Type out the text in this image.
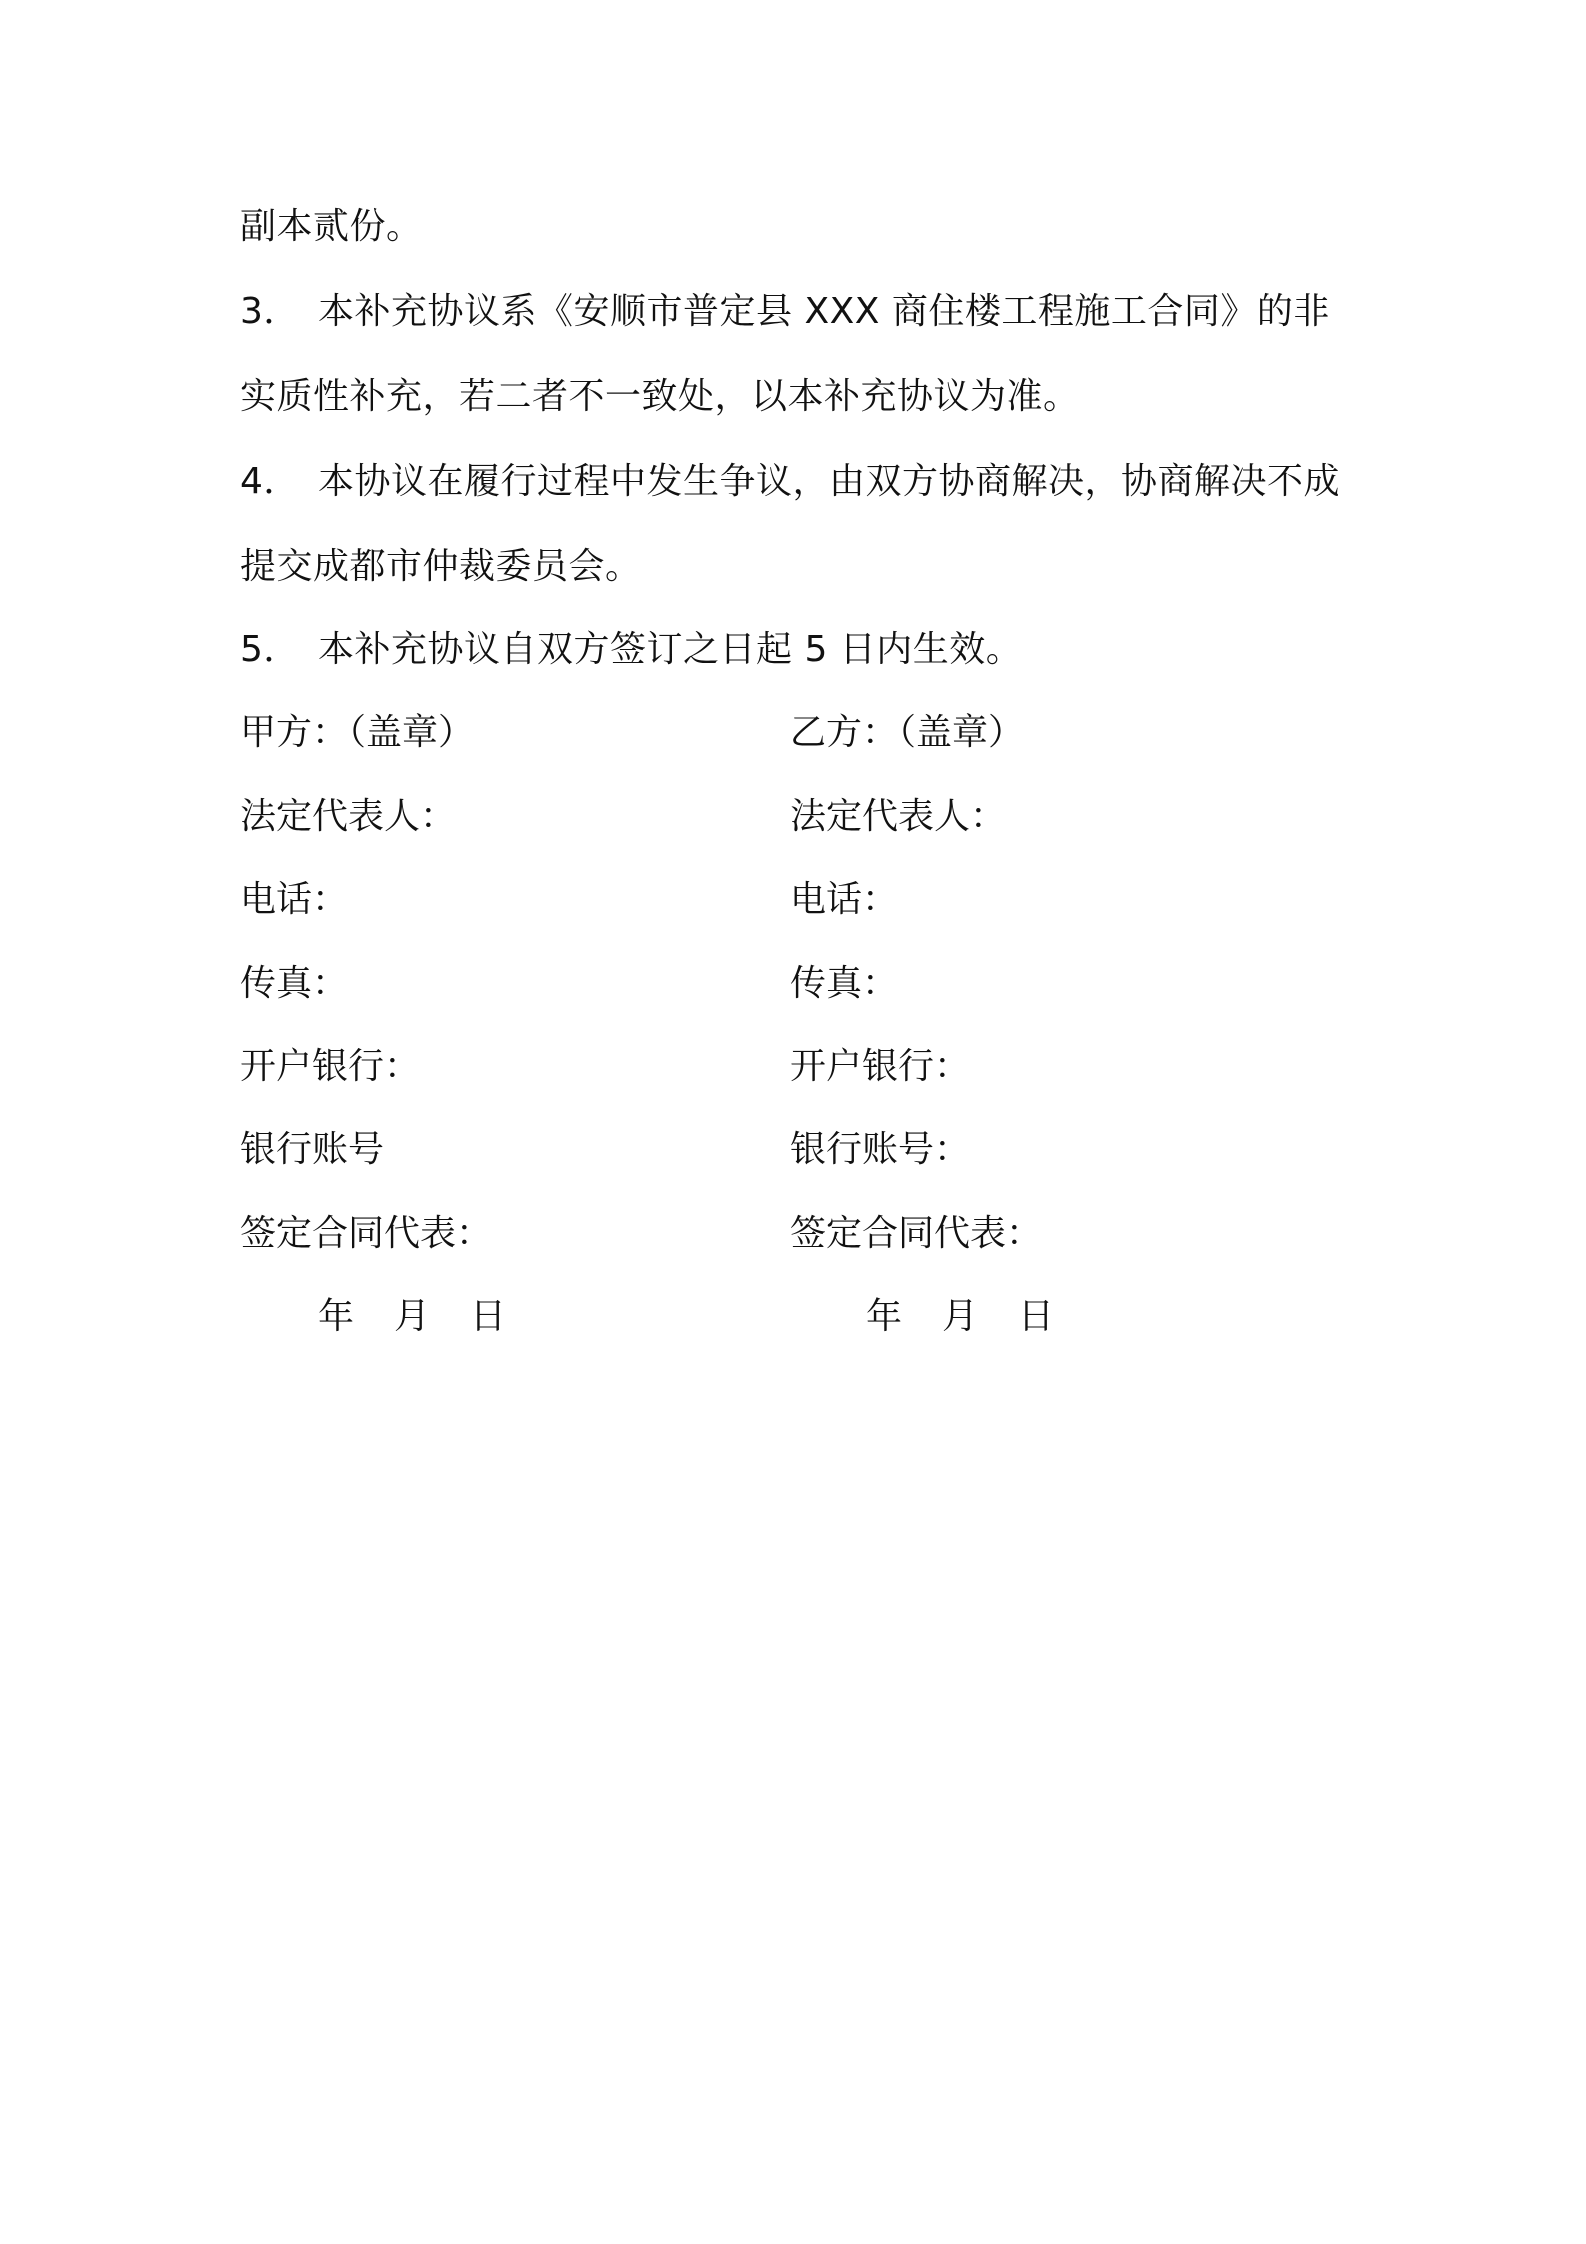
副本贰份。
3． 本补充协议系《安顺市普定县 XXX 商住楼工程施工合同》的非
实质性补充，若二者不一致处，以本补充协议为准。
4． 本协议在履行过程中发生争议，由双方协商解决，协商解决不成
提交成都市仲裁委员会。
5． 本补充协议自双方签订之日起 5 日内生效。
甲方：（盖章）	乙方：（盖章）
法定代表人：	法定代表人：
电话：	电话：
传真：	传真：
开户银行：	开户银行：
银行账号	银行账号：
签定合同代表：	签定合同代表：
年 月 日	年 月 日
